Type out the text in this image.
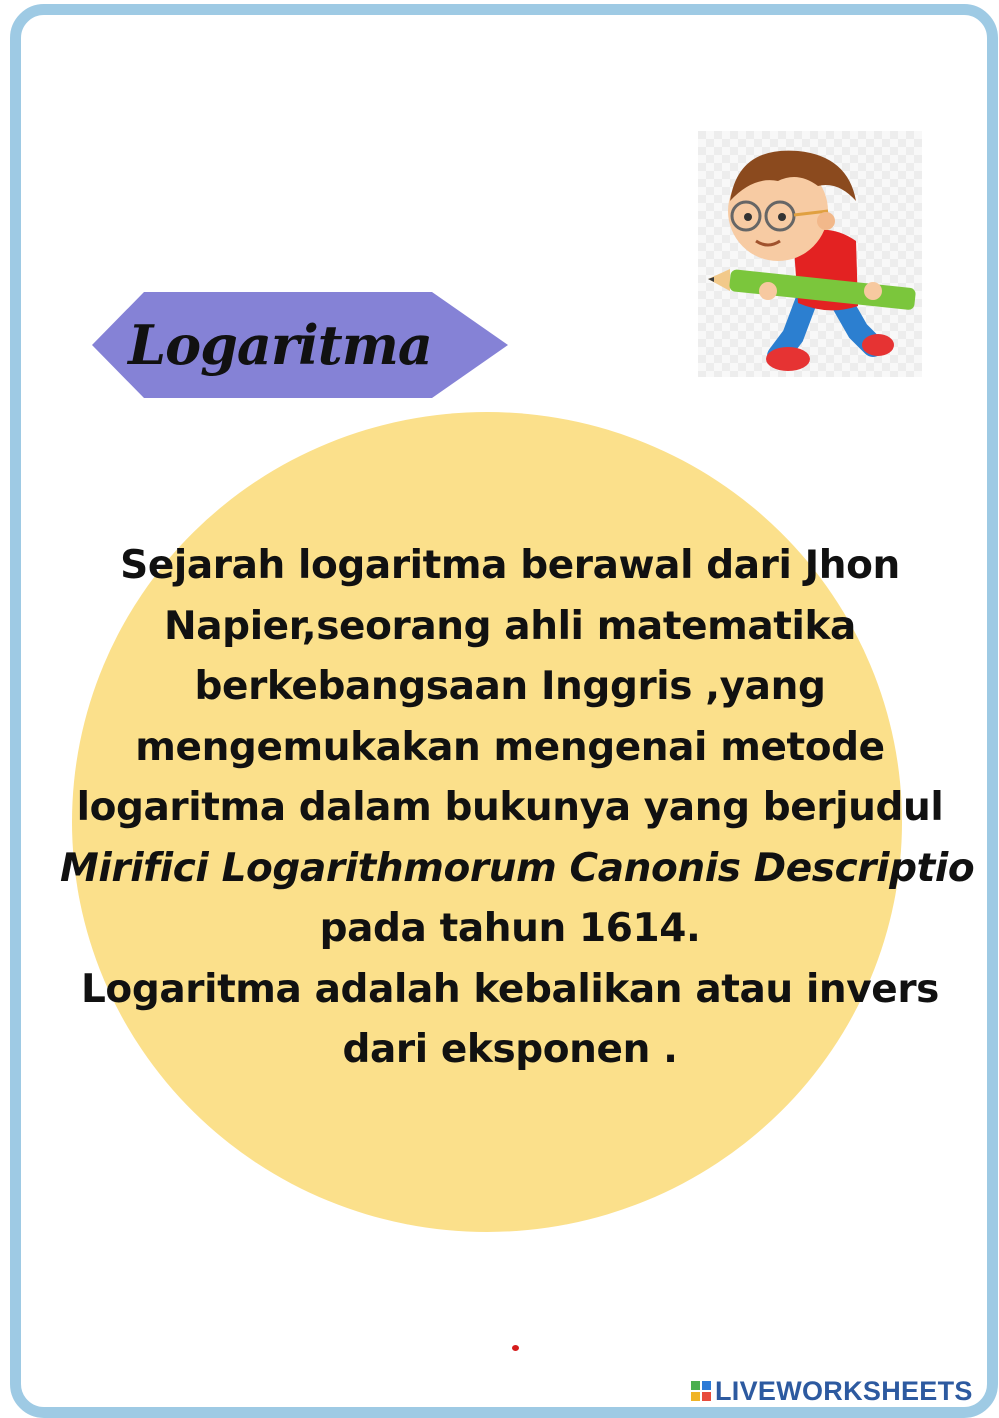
Logaritma
Sejarah logaritma berawal dari Jhon
Napier,seorang ahli matematika
berkebangsaan Inggris ,yang
mengemukakan mengenai metode
logaritma dalam bukunya yang berjudul
Mirifici Logarithmorum Canonis Descriptio
pada tahun 1614.
Logaritma adalah kebalikan atau invers
dari eksponen .
LIVEWORKSHEETS
